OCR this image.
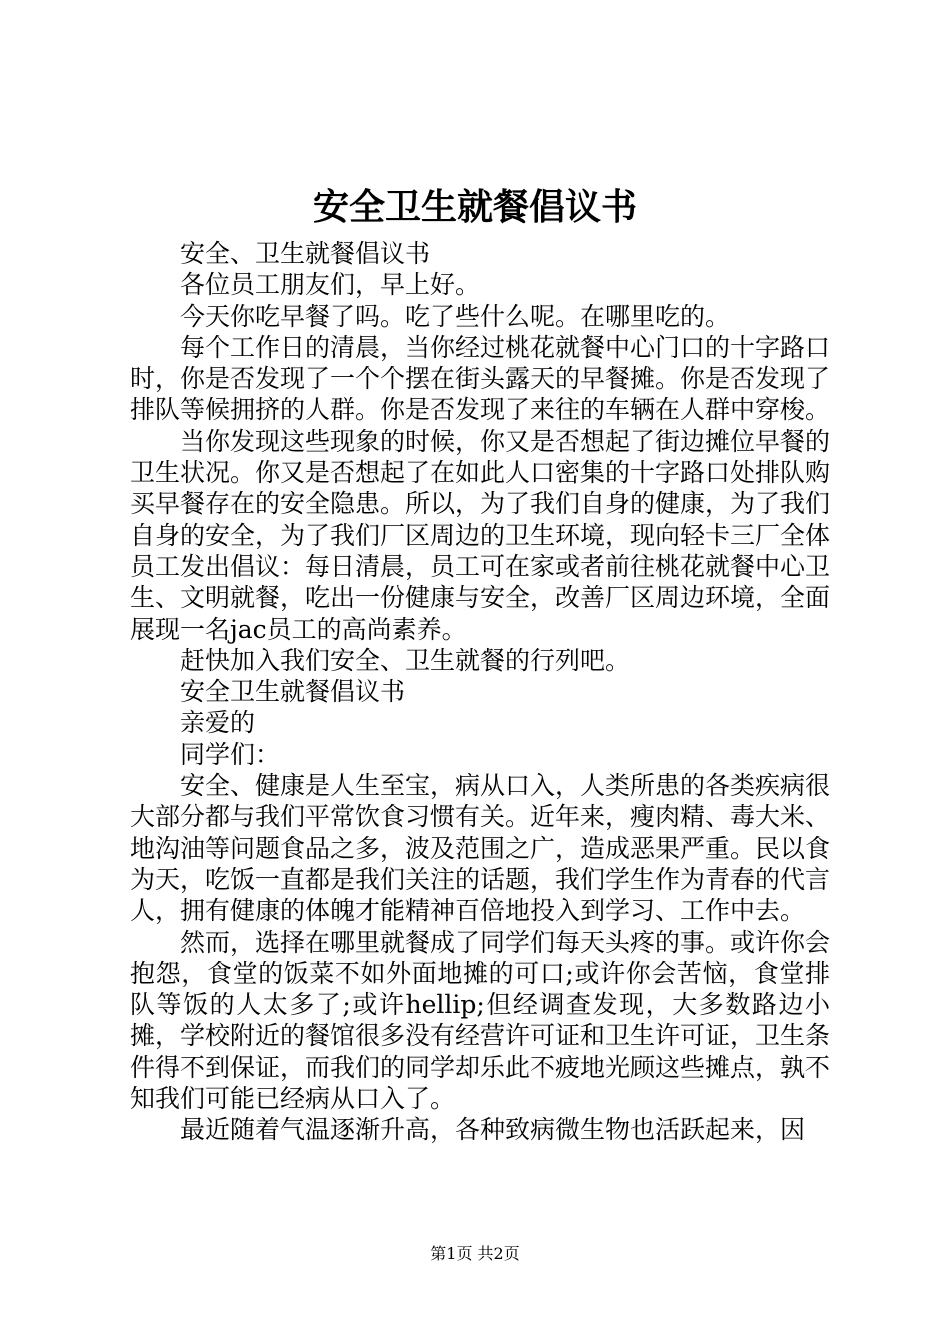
安全卫生就餐倡议书

安全、卫生就餐倡议书

各位员工朋友们，早上好。

今天你吃早餐了吗。吃了些什么呢。在哪里吃的。

每个工作日的清晨，当你经过桃花就餐中心门口的十字路口时，你是否发现了一个个摆在街头露天的早餐摊。你是否发现了排队等候拥挤的人群。你是否发现了来往的车辆在人群中穿梭。

当你发现这些现象的时候，你又是否想起了街边摊位早餐的卫生状况。你又是否想起了在如此人口密集的十字路口处排队购买早餐存在的安全隐患。所以，为了我们自身的健康，为了我们自身的安全，为了我们厂区周边的卫生环境，现向轻卡三厂全体员工发出倡议：每日清晨，员工可在家或者前往桃花就餐中心卫生、文明就餐，吃出一份健康与安全，改善厂区周边环境，全面展现一名jac员工的高尚素养。

赶快加入我们安全、卫生就餐的行列吧。

安全卫生就餐倡议书

亲爱的

同学们：

安全、健康是人生至宝，病从口入，人类所患的各类疾病很大部分都与我们平常饮食习惯有关。近年来，瘦肉精、毒大米、地沟油等问题食品之多，波及范围之广，造成恶果严重。民以食为天，吃饭一直都是我们关注的话题，我们学生作为青春的代言人，拥有健康的体魄才能精神百倍地投入到学习、工作中去。

然而，选择在哪里就餐成了同学们每天头疼的事。或许你会抱怨，食堂的饭菜不如外面地摊的可口;或许你会苦恼，食堂排队等饭的人太多了;或许hellip;但经调查发现，大多数路边小摊，学校附近的餐馆很多没有经营许可证和卫生许可证，卫生条件得不到保证，而我们的同学却乐此不疲地光顾这些摊点，孰不知我们可能已经病从口入了。

最近随着气温逐渐升高，各种致病微生物也活跃起来，因

第1页 共2页
